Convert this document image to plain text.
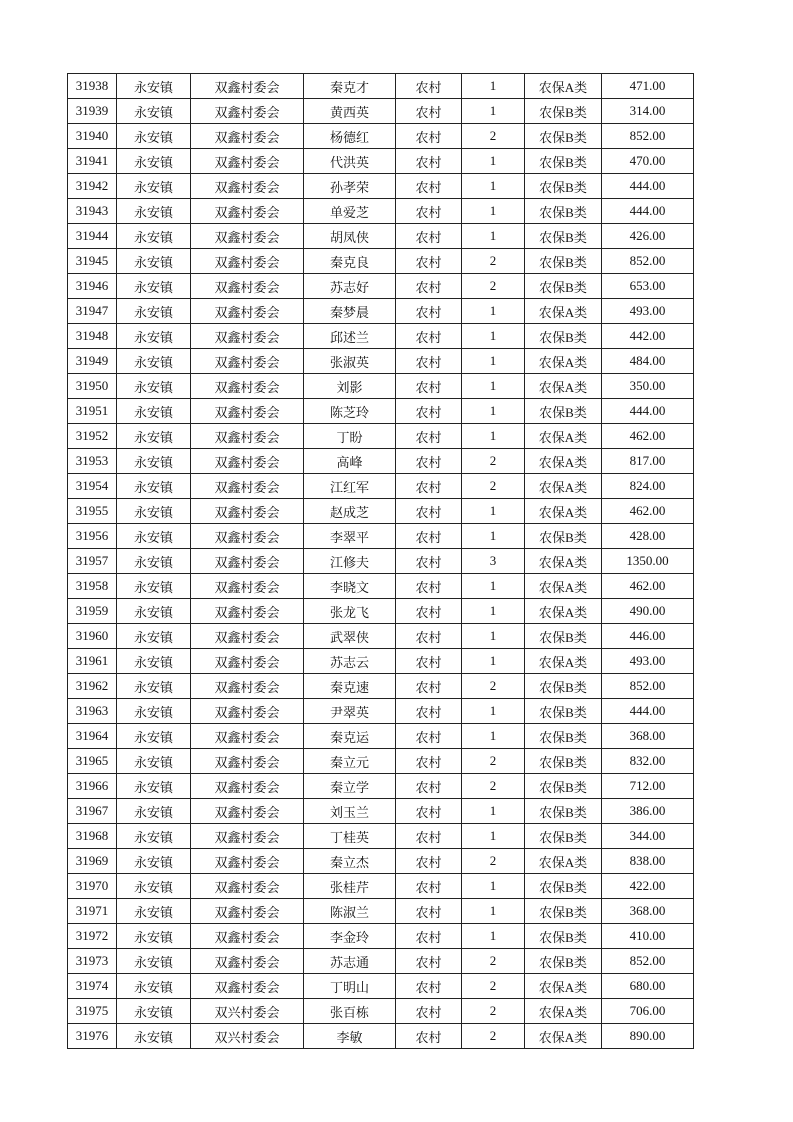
31938	永安镇	双鑫村委会	秦克才	农村	1	农保A类	471.00
31939	永安镇	双鑫村委会	黄西英	农村	1	农保B类	314.00
31940	永安镇	双鑫村委会	杨德红	农村	2	农保B类	852.00
31941	永安镇	双鑫村委会	代洪英	农村	1	农保B类	470.00
31942	永安镇	双鑫村委会	孙孝荣	农村	1	农保B类	444.00
31943	永安镇	双鑫村委会	单爱芝	农村	1	农保B类	444.00
31944	永安镇	双鑫村委会	胡凤侠	农村	1	农保B类	426.00
31945	永安镇	双鑫村委会	秦克良	农村	2	农保B类	852.00
31946	永安镇	双鑫村委会	苏志好	农村	2	农保B类	653.00
31947	永安镇	双鑫村委会	秦梦晨	农村	1	农保A类	493.00
31948	永安镇	双鑫村委会	邱述兰	农村	1	农保B类	442.00
31949	永安镇	双鑫村委会	张淑英	农村	1	农保A类	484.00
31950	永安镇	双鑫村委会	刘影	农村	1	农保A类	350.00
31951	永安镇	双鑫村委会	陈芝玲	农村	1	农保B类	444.00
31952	永安镇	双鑫村委会	丁盼	农村	1	农保A类	462.00
31953	永安镇	双鑫村委会	高峰	农村	2	农保A类	817.00
31954	永安镇	双鑫村委会	江红军	农村	2	农保A类	824.00
31955	永安镇	双鑫村委会	赵成芝	农村	1	农保A类	462.00
31956	永安镇	双鑫村委会	李翠平	农村	1	农保B类	428.00
31957	永安镇	双鑫村委会	江修夫	农村	3	农保A类	1350.00
31958	永安镇	双鑫村委会	李晓文	农村	1	农保A类	462.00
31959	永安镇	双鑫村委会	张龙飞	农村	1	农保A类	490.00
31960	永安镇	双鑫村委会	武翠侠	农村	1	农保B类	446.00
31961	永安镇	双鑫村委会	苏志云	农村	1	农保A类	493.00
31962	永安镇	双鑫村委会	秦克速	农村	2	农保B类	852.00
31963	永安镇	双鑫村委会	尹翠英	农村	1	农保B类	444.00
31964	永安镇	双鑫村委会	秦克运	农村	1	农保B类	368.00
31965	永安镇	双鑫村委会	秦立元	农村	2	农保B类	832.00
31966	永安镇	双鑫村委会	秦立学	农村	2	农保B类	712.00
31967	永安镇	双鑫村委会	刘玉兰	农村	1	农保B类	386.00
31968	永安镇	双鑫村委会	丁桂英	农村	1	农保B类	344.00
31969	永安镇	双鑫村委会	秦立杰	农村	2	农保A类	838.00
31970	永安镇	双鑫村委会	张桂芹	农村	1	农保B类	422.00
31971	永安镇	双鑫村委会	陈淑兰	农村	1	农保B类	368.00
31972	永安镇	双鑫村委会	李金玲	农村	1	农保B类	410.00
31973	永安镇	双鑫村委会	苏志通	农村	2	农保B类	852.00
31974	永安镇	双鑫村委会	丁明山	农村	2	农保A类	680.00
31975	永安镇	双兴村委会	张百栋	农村	2	农保A类	706.00
31976	永安镇	双兴村委会	李敏	农村	2	农保A类	890.00
